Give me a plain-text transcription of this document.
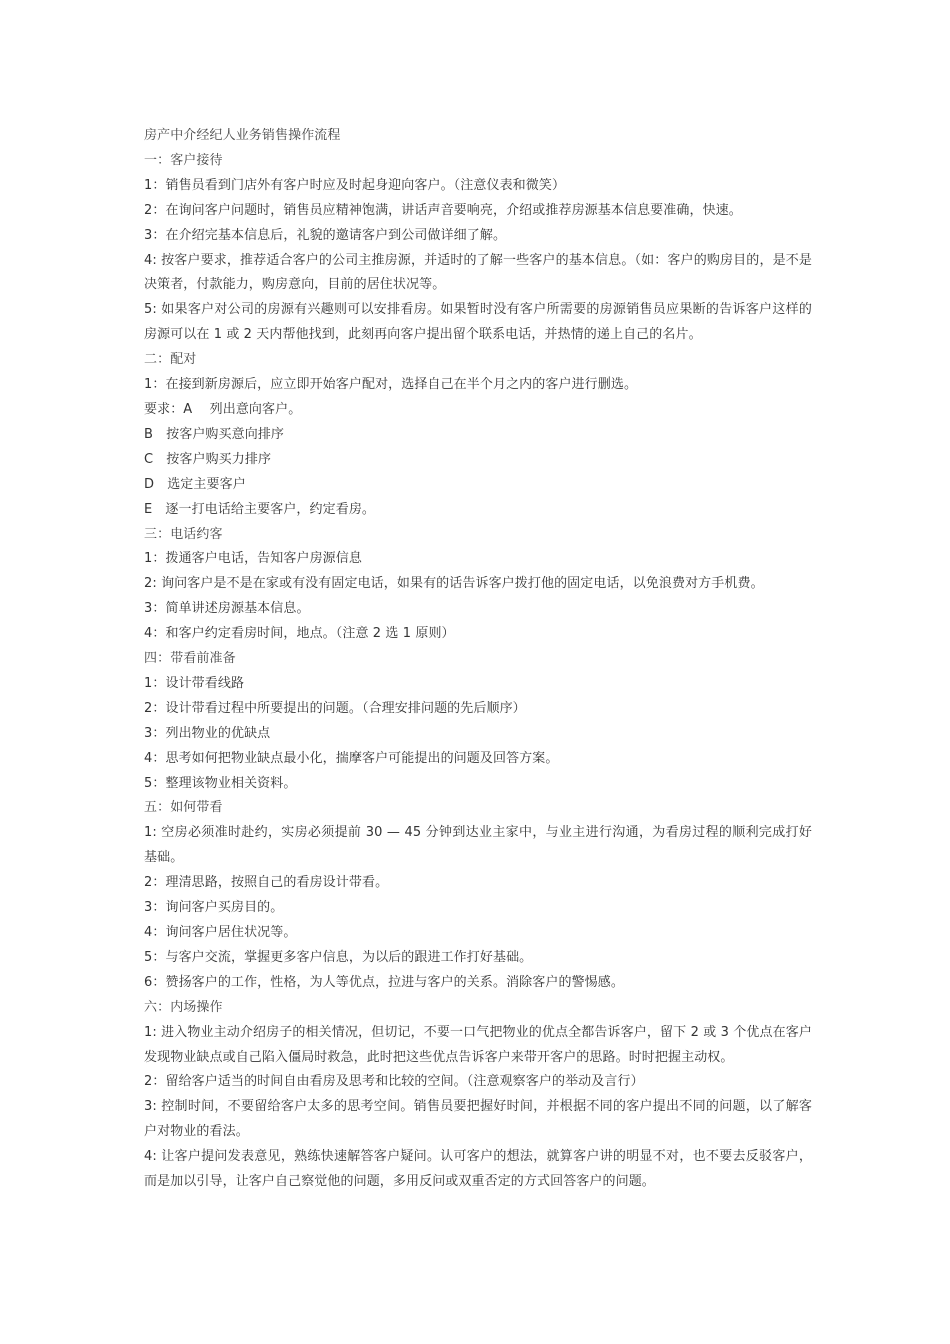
房产中介经纪人业务销售操作流程
一：客户接待
1：销售员看到门店外有客户时应及时起身迎向客户。（注意仪表和微笑）
2：在询问客户问题时，销售员应精神饱满，讲话声音要响亮，介绍或推荐房源基本信息要准确，快速。
3：在介绍完基本信息后，礼貌的邀请客户到公司做详细了解。
4: 按客户要求，推荐适合客户的公司主推房源，并适时的了解一些客户的基本信息。（如：客户的购房目的，是不是决策者，付款能力，购房意向，目前的居住状况等。
5: 如果客户对公司的房源有兴趣则可以安排看房。如果暂时没有客户所需要的房源销售员应果断的告诉客户这样的房源可以在 1 或 2 天内帮他找到，此刻再向客户提出留个联系电话，并热情的递上自己的名片。
二：配对
1：在接到新房源后，应立即开始客户配对，选择自己在半个月之内的客户进行删选。
要求：A　 列出意向客户。
B　按客户购买意向排序
C　按客户购买力排序
D　选定主要客户
E　逐一打电话给主要客户，约定看房。
三：电话约客
1：拨通客户电话，告知客户房源信息
2: 询问客户是不是在家或有没有固定电话，如果有的话告诉客户拨打他的固定电话，以免浪费对方手机费。
3：简单讲述房源基本信息。
4：和客户约定看房时间，地点。（注意 2 选 1 原则）
四：带看前准备
1：设计带看线路
2：设计带看过程中所要提出的问题。（合理安排问题的先后顺序）
3：列出物业的优缺点
4：思考如何把物业缺点最小化，揣摩客户可能提出的问题及回答方案。
5：整理该物业相关资料。
五：如何带看
1: 空房必须准时赴约，实房必须提前 30 — 45 分钟到达业主家中，与业主进行沟通，为看房过程的顺利完成打好基础。
2：理清思路，按照自己的看房设计带看。
3：询问客户买房目的。
4：询问客户居住状况等。
5：与客户交流，掌握更多客户信息，为以后的跟进工作打好基础。
6：赞扬客户的工作，性格，为人等优点，拉进与客户的关系。消除客户的警惕感。
六：内场操作
1: 进入物业主动介绍房子的相关情况，但切记，不要一口气把物业的优点全都告诉客户，留下 2 或 3 个优点在客户发现物业缺点或自己陷入僵局时救急，此时把这些优点告诉客户来带开客户的思路。时时把握主动权。
2：留给客户适当的时间自由看房及思考和比较的空间。（注意观察客户的举动及言行）
3: 控制时间，不要留给客户太多的思考空间。销售员要把握好时间，并根据不同的客户提出不同的问题，以了解客户对物业的看法。
4: 让客户提问发表意见，熟练快速解答客户疑问。认可客户的想法，就算客户讲的明显不对，也不要去反驳客户，而是加以引导，让客户自己察觉他的问题，多用反问或双重否定的方式回答客户的问题。
